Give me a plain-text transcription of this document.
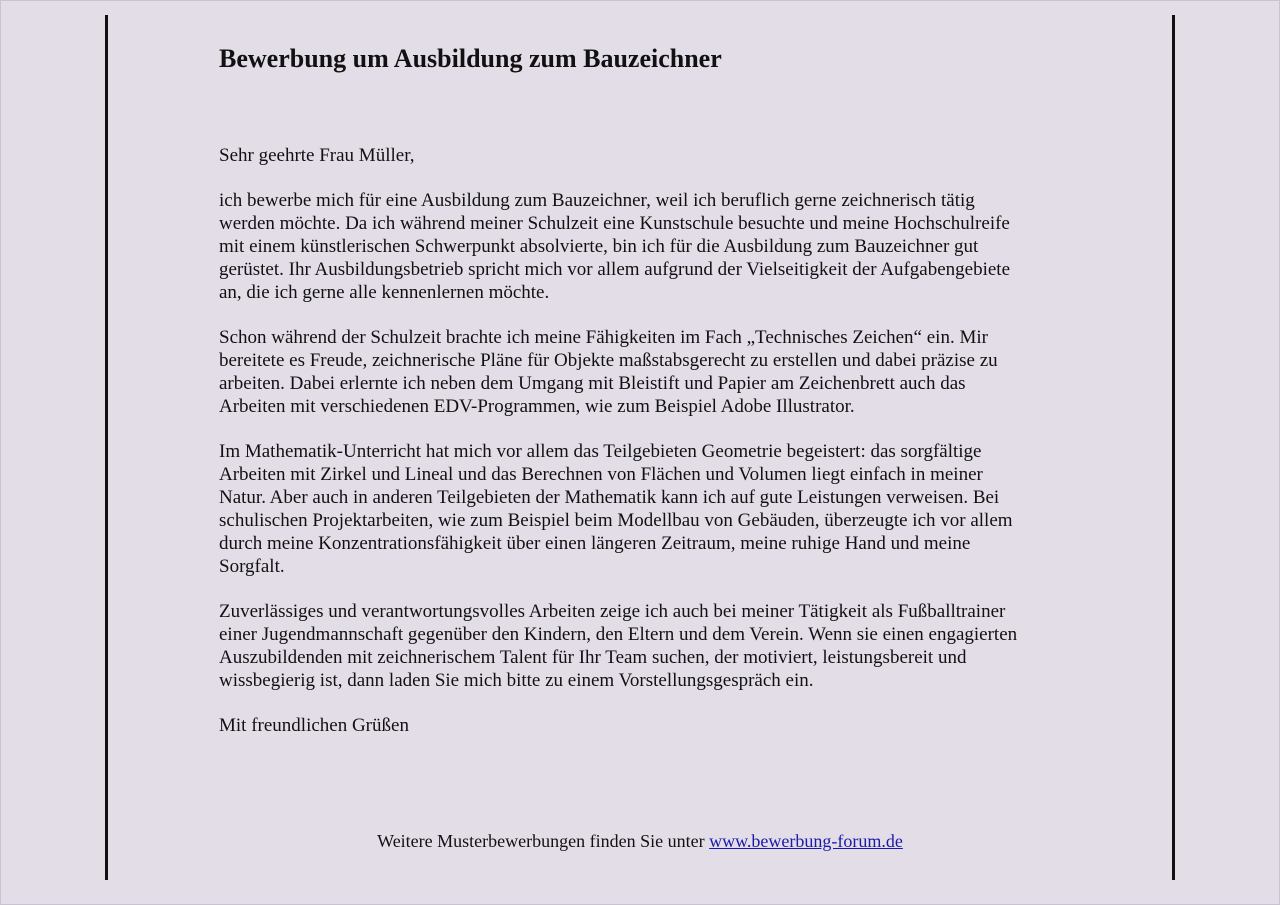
Bewerbung um Ausbildung zum Bauzeichner

Sehr geehrte Frau Müller,

ich bewerbe mich für eine Ausbildung zum Bauzeichner, weil ich beruflich gerne zeichnerisch tätig
werden möchte. Da ich während meiner Schulzeit eine Kunstschule besuchte und meine Hochschulreife
mit einem künstlerischen Schwerpunkt absolvierte, bin ich für die Ausbildung zum Bauzeichner gut
gerüstet. Ihr Ausbildungsbetrieb spricht mich vor allem aufgrund der Vielseitigkeit der Aufgabengebiete
an, die ich gerne alle kennenlernen möchte.

Schon während der Schulzeit brachte ich meine Fähigkeiten im Fach „Technisches Zeichen“ ein. Mir
bereitete es Freude, zeichnerische Pläne für Objekte maßstabsgerecht zu erstellen und dabei präzise zu
arbeiten. Dabei erlernte ich neben dem Umgang mit Bleistift und Papier am Zeichenbrett auch das
Arbeiten mit verschiedenen EDV-Programmen, wie zum Beispiel Adobe Illustrator.

Im Mathematik-Unterricht hat mich vor allem das Teilgebieten Geometrie begeistert: das sorgfältige
Arbeiten mit Zirkel und Lineal und das Berechnen von Flächen und Volumen liegt einfach in meiner
Natur. Aber auch in anderen Teilgebieten der Mathematik kann ich auf gute Leistungen verweisen. Bei
schulischen Projektarbeiten, wie zum Beispiel beim Modellbau von Gebäuden, überzeugte ich vor allem
durch meine Konzentrationsfähigkeit über einen längeren Zeitraum, meine ruhige Hand und meine
Sorgfalt.

Zuverlässiges und verantwortungsvolles Arbeiten zeige ich auch bei meiner Tätigkeit als Fußballtrainer
einer Jugendmannschaft gegenüber den Kindern, den Eltern und dem Verein. Wenn sie einen engagierten
Auszubildenden mit zeichnerischem Talent für Ihr Team suchen, der motiviert, leistungsbereit und
wissbegierig ist, dann laden Sie mich bitte zu einem Vorstellungsgespräch ein.

Mit freundlichen Grüßen

Weitere Musterbewerbungen finden Sie unter www.bewerbung-forum.de
